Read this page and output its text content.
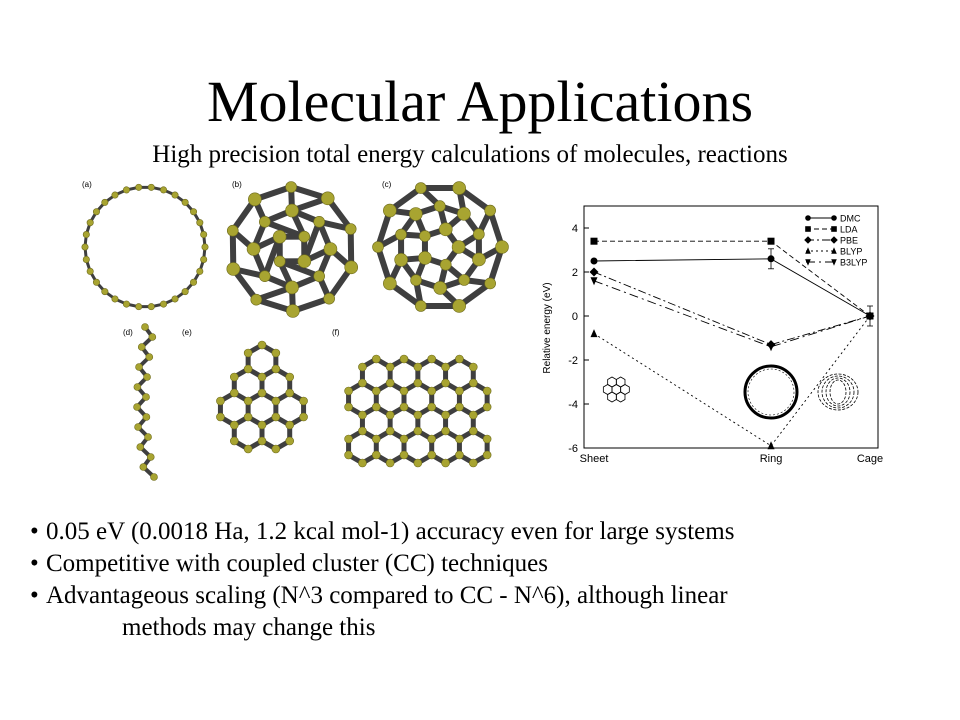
Molecular Applications
High precision total energy calculations of molecules, reactions
(a)	(b)	(c)
(d)	(e)	(f)	Relative energy (eV)
4
2
0
-2
-4
-6
Sheet	Ring	Cage
DMC
LDA
PBE
BLYP
B3LYP
• 0.05 eV (0.0018 Ha, 1.2 kcal mol-1) accuracy even for large systems
• Competitive with coupled cluster (CC) techniques
• Advantageous scaling (N^3 compared to CC - N^6), although linear
methods may change this
